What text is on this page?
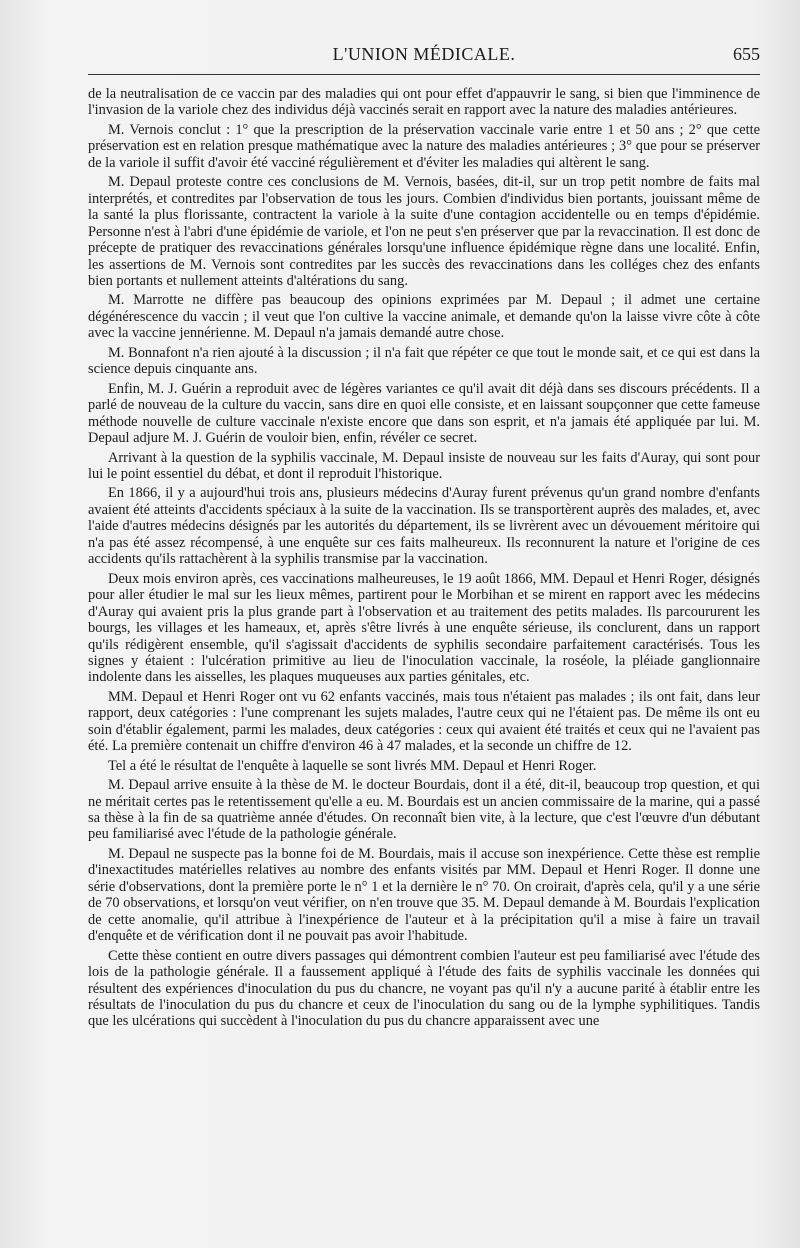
L'UNION MÉDICALE.	655

de la neutralisation de ce vaccin par des maladies qui ont pour effet d'appauvrir le sang, si bien que l'imminence de l'invasion de la variole chez des individus déjà vaccinés serait en rapport avec la nature des maladies antérieures.

M. Vernois conclut : 1° que la prescription de la préservation vaccinale varie entre 1 et 50 ans ; 2° que cette préservation est en relation presque mathématique avec la nature des maladies antérieures ; 3° que pour se préserver de la variole il suffit d'avoir été vacciné régulièrement et d'éviter les maladies qui altèrent le sang.

M. Depaul proteste contre ces conclusions de M. Vernois, basées, dit-il, sur un trop petit nombre de faits mal interprétés, et contredites par l'observation de tous les jours. Combien d'individus bien portants, jouissant même de la santé la plus florissante, contractent la variole à la suite d'une contagion accidentelle ou en temps d'épidémie. Personne n'est à l'abri d'une épidémie de variole, et l'on ne peut s'en préserver que par la revaccination. Il est donc de précepte de pratiquer des revaccinations générales lorsqu'une influence épidémique règne dans une localité. Enfin, les assertions de M. Vernois sont contredites par les succès des revaccinations dans les colléges chez des enfants bien portants et nullement atteints d'altérations du sang.

M. Marrotte ne diffère pas beaucoup des opinions exprimées par M. Depaul ; il admet une certaine dégénérescence du vaccin ; il veut que l'on cultive la vaccine animale, et demande qu'on la laisse vivre côte à côte avec la vaccine jennérienne. M. Depaul n'a jamais demandé autre chose.

M. Bonnafont n'a rien ajouté à la discussion ; il n'a fait que répéter ce que tout le monde sait, et ce qui est dans la science depuis cinquante ans.

Enfin, M. J. Guérin a reproduit avec de légères variantes ce qu'il avait dit déjà dans ses discours précédents. Il a parlé de nouveau de la culture du vaccin, sans dire en quoi elle consiste, et en laissant soupçonner que cette fameuse méthode nouvelle de culture vaccinale n'existe encore que dans son esprit, et n'a jamais été appliquée par lui. M. Depaul adjure M. J. Guérin de vouloir bien, enfin, révéler ce secret.

Arrivant à la question de la syphilis vaccinale, M. Depaul insiste de nouveau sur les faits d'Auray, qui sont pour lui le point essentiel du débat, et dont il reproduit l'historique.

En 1866, il y a aujourd'hui trois ans, plusieurs médecins d'Auray furent prévenus qu'un grand nombre d'enfants avaient été atteints d'accidents spéciaux à la suite de la vaccination. Ils se transportèrent auprès des malades, et, avec l'aide d'autres médecins désignés par les autorités du département, ils se livrèrent avec un dévouement méritoire qui n'a pas été assez récompensé, à une enquête sur ces faits malheureux. Ils reconnurent la nature et l'origine de ces accidents qu'ils rattachèrent à la syphilis transmise par la vaccination.

Deux mois environ après, ces vaccinations malheureuses, le 19 août 1866, MM. Depaul et Henri Roger, désignés pour aller étudier le mal sur les lieux mêmes, partirent pour le Morbihan et se mirent en rapport avec les médecins d'Auray qui avaient pris la plus grande part à l'observation et au traitement des petits malades. Ils parcoururent les bourgs, les villages et les hameaux, et, après s'être livrés à une enquête sérieuse, ils conclurent, dans un rapport qu'ils rédigèrent ensemble, qu'il s'agissait d'accidents de syphilis secondaire parfaitement caractérisés. Tous les signes y étaient : l'ulcération primitive au lieu de l'inoculation vaccinale, la roséole, la pléiade ganglionnaire indolente dans les aisselles, les plaques muqueuses aux parties génitales, etc.

MM. Depaul et Henri Roger ont vu 62 enfants vaccinés, mais tous n'étaient pas malades ; ils ont fait, dans leur rapport, deux catégories : l'une comprenant les sujets malades, l'autre ceux qui ne l'étaient pas. De même ils ont eu soin d'établir également, parmi les malades, deux catégories : ceux qui avaient été traités et ceux qui ne l'avaient pas été. La première contenait un chiffre d'environ 46 à 47 malades, et la seconde un chiffre de 12.

Tel a été le résultat de l'enquête à laquelle se sont livrés MM. Depaul et Henri Roger.

M. Depaul arrive ensuite à la thèse de M. le docteur Bourdais, dont il a été, dit-il, beaucoup trop question, et qui ne méritait certes pas le retentissement qu'elle a eu. M. Bourdais est un ancien commissaire de la marine, qui a passé sa thèse à la fin de sa quatrième année d'études. On reconnaît bien vite, à la lecture, que c'est l'œuvre d'un débutant peu familiarisé avec l'étude de la pathologie générale.

M. Depaul ne suspecte pas la bonne foi de M. Bourdais, mais il accuse son inexpérience. Cette thèse est remplie d'inexactitudes matérielles relatives au nombre des enfants visités par MM. Depaul et Henri Roger. Il donne une série d'observations, dont la première porte le n° 1 et la dernière le n° 70. On croirait, d'après cela, qu'il y a une série de 70 observations, et lorsqu'on veut vérifier, on n'en trouve que 35. M. Depaul demande à M. Bourdais l'explication de cette anomalie, qu'il attribue à l'inexpérience de l'auteur et à la précipitation qu'il a mise à faire un travail d'enquête et de vérification dont il ne pouvait pas avoir l'habitude.

Cette thèse contient en outre divers passages qui démontrent combien l'auteur est peu familiarisé avec l'étude des lois de la pathologie générale. Il a faussement appliqué à l'étude des faits de syphilis vaccinale les données qui résultent des expériences d'inoculation du pus du chancre, ne voyant pas qu'il n'y a aucune parité à établir entre les résultats de l'inoculation du pus du chancre et ceux de l'inoculation du sang ou de la lymphe syphilitiques. Tandis que les ulcérations qui succèdent à l'inoculation du pus du chancre apparaissent avec une
